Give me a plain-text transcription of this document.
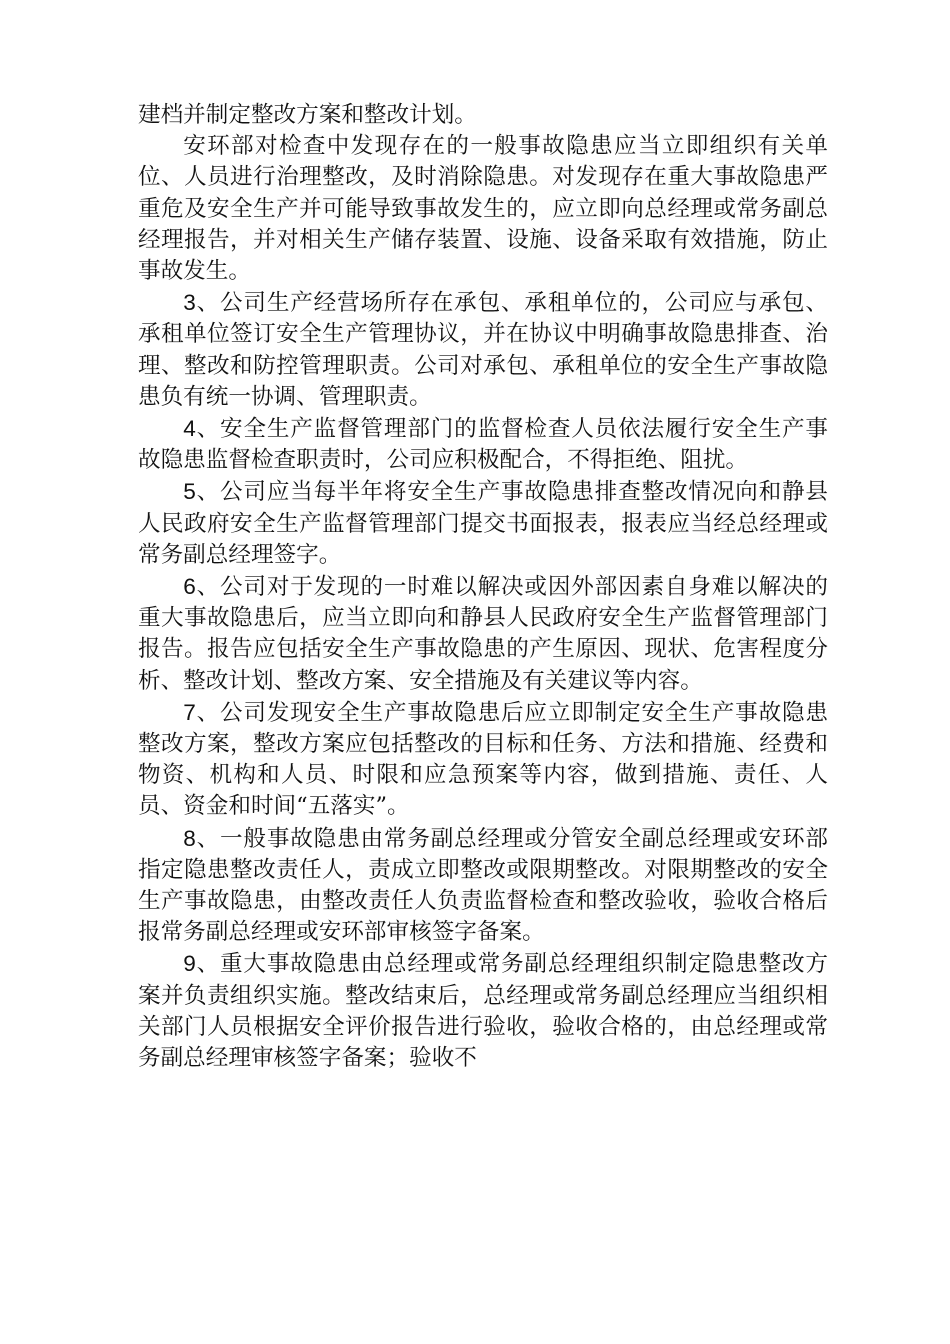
建档并制定整改方案和整改计划。

安环部对检查中发现存在的一般事故隐患应当立即组织有关单位、人员进行治理整改，及时消除隐患。对发现存在重大事故隐患严重危及安全生产并可能导致事故发生的，应立即向总经理或常务副总经理报告，并对相关生产储存装置、设施、设备采取有效措施，防止事故发生。

3、公司生产经营场所存在承包、承租单位的，公司应与承包、承租单位签订安全生产管理协议，并在协议中明确事故隐患排查、治理、整改和防控管理职责。公司对承包、承租单位的安全生产事故隐患负有统一协调、管理职责。

4、安全生产监督管理部门的监督检查人员依法履行安全生产事故隐患监督检查职责时，公司应积极配合，不得拒绝、阻扰。

5、公司应当每半年将安全生产事故隐患排查整改情况向和静县人民政府安全生产监督管理部门提交书面报表，报表应当经总经理或常务副总经理签字。

6、公司对于发现的一时难以解决或因外部因素自身难以解决的重大事故隐患后，应当立即向和静县人民政府安全生产监督管理部门报告。报告应包括安全生产事故隐患的产生原因、现状、危害程度分析、整改计划、整改方案、安全措施及有关建议等内容。

7、公司发现安全生产事故隐患后应立即制定安全生产事故隐患整改方案，整改方案应包括整改的目标和任务、方法和措施、经费和物资、机构和人员、时限和应急预案等内容，做到措施、责任、人员、资金和时间“五落实”。

8、一般事故隐患由常务副总经理或分管安全副总经理或安环部指定隐患整改责任人，责成立即整改或限期整改。对限期整改的安全生产事故隐患，由整改责任人负责监督检查和整改验收，验收合格后报常务副总经理或安环部审核签字备案。

9、重大事故隐患由总经理或常务副总经理组织制定隐患整改方案并负责组织实施。整改结束后，总经理或常务副总经理应当组织相关部门人员根据安全评价报告进行验收，验收合格的，由总经理或常务副总经理审核签字备案；验收不
